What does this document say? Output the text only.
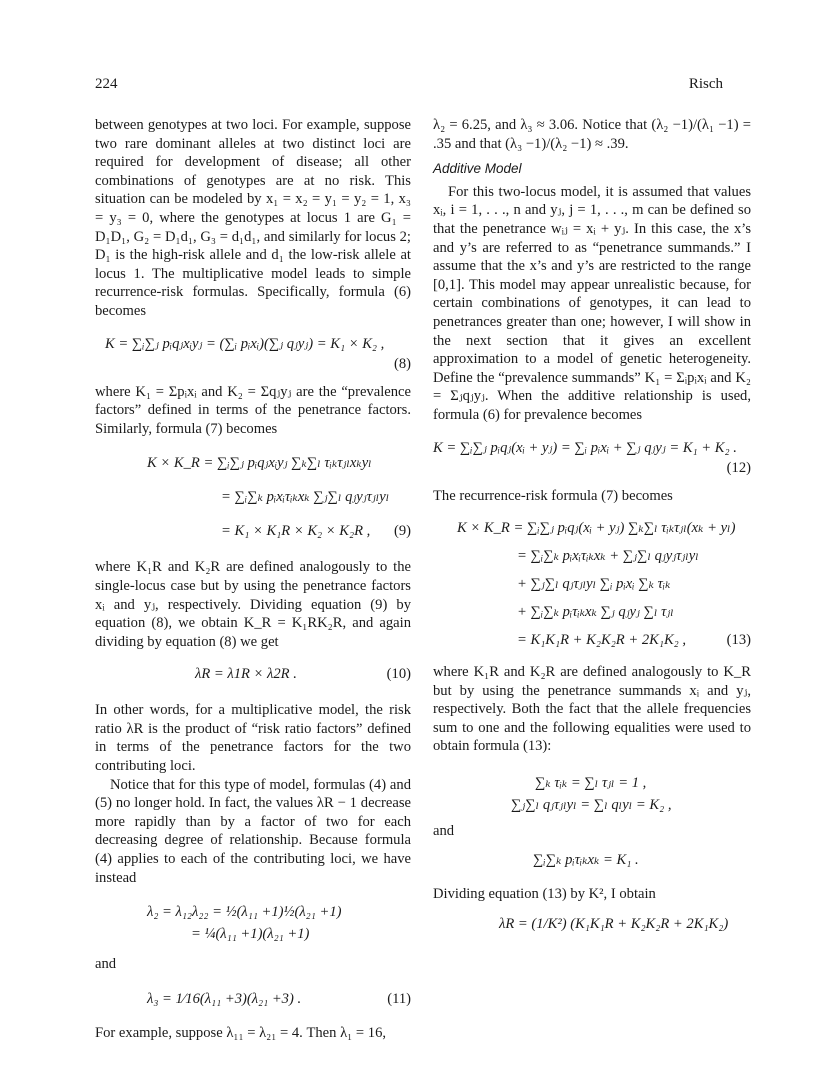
224	Risch

between genotypes at two loci. For example, suppose two rare dominant alleles at two distinct loci are required for development of disease; all other combinations of genotypes are at no risk. This situation can be modeled by x₁ = x₂ = y₁ = y₂ = 1, x₃ = y₃ = 0, where the genotypes at locus 1 are G₁ = D₁D₁, G₂ = D₁d₁, G₃ = d₁d₁, and similarly for locus 2; D₁ is the high-risk allele and d₁ the low-risk allele at locus 1. The multiplicative model leads to simple recurrence-risk formulas. Specifically, formula (6) becomes

K = ∑ᵢ∑ⱼ pᵢqⱼxᵢyⱼ = (∑ᵢ pᵢxᵢ)(∑ⱼ qⱼyⱼ) = K₁ × K₂ ,
(8)

where K₁ = Σpᵢxᵢ and K₂ = Σqⱼyⱼ are the “prevalence factors” defined in terms of the penetrance factors. Similarly, formula (7) becomes

K × K_R = ∑ᵢ∑ⱼ pᵢqⱼxᵢyⱼ ∑ₖ∑ₗ τᵢₖτⱼₗxₖyₗ
= ∑ᵢ∑ₖ pᵢxᵢτᵢₖxₖ ∑ⱼ∑ₗ qⱼyⱼτⱼₗyₗ
= K₁ × K₁R × K₂ × K₂R , (9)

where K₁R and K₂R are defined analogously to the single-locus case but by using the penetrance factors xᵢ and yⱼ, respectively. Dividing equation (9) by equation (8), we obtain K_R = K₁RK₂R, and again dividing by equation (8) we get

λR = λ1R × λ2R .	(10)

In other words, for a multiplicative model, the risk ratio λR is the product of “risk ratio factors” defined in terms of the penetrance factors for the two contributing loci.

Notice that for this type of model, formulas (4) and (5) no longer hold. In fact, the values λR − 1 decrease more rapidly than by a factor of two for each decreasing degree of relationship. Because formula (4) applies to each of the contributing loci, we have instead

λ₂ = λ₁₂λ₂₂ = ½(λ₁₁ +1)½(λ₂₁ +1)
= ¼(λ₁₁ +1)(λ₂₁ +1)

and

λ₃ = 1⁄16(λ₁₁ +3)(λ₂₁ +3) .	(11)

For example, suppose λ₁₁ = λ₂₁ = 4. Then λ₁ = 16,

λ₂ = 6.25, and λ₃ ≈ 3.06. Notice that (λ₂ −1)/(λ₁ −1) = .35 and that (λ₃ −1)/(λ₂ −1) ≈ .39.

Additive Model

For this two-locus model, it is assumed that values xᵢ, i = 1, . . ., n and yⱼ, j = 1, . . ., m can be defined so that the penetrance wᵢⱼ = xᵢ + yⱼ. In this case, the x’s and y’s are referred to as “penetrance summands.” I assume that the x’s and y’s are restricted to the range [0,1]. This model may appear unrealistic because, for certain combinations of genotypes, it can lead to penetrances greater than one; however, I will show in the next section that it gives an excellent approximation to a model of genetic heterogeneity. Define the “prevalence summands” K₁ = Σᵢpᵢxᵢ and K₂ = Σⱼqⱼyⱼ. When the additive relationship is used, formula (6) for prevalence becomes

K = ∑ᵢ∑ⱼ pᵢqⱼ(xᵢ + yⱼ) = ∑ᵢ pᵢxᵢ + ∑ⱼ qⱼyⱼ = K₁ + K₂ .
(12)

The recurrence-risk formula (7) becomes

K × K_R = ∑ᵢ∑ⱼ pᵢqⱼ(xᵢ + yⱼ) ∑ₖ∑ₗ τᵢₖτⱼₗ(xₖ + yₗ)
= ∑ᵢ∑ₖ pᵢxᵢτᵢₖxₖ + ∑ⱼ∑ₗ qⱼyⱼτⱼₗyₗ
+ ∑ⱼ∑ₗ qⱼτⱼₗyₗ ∑ᵢ pᵢxᵢ ∑ₖ τᵢₖ
+ ∑ᵢ∑ₖ pᵢτᵢₖxₖ ∑ⱼ qⱼyⱼ ∑ₗ τⱼₗ
= K₁K₁R + K₂K₂R + 2K₁K₂ ,	(13)

where K₁R and K₂R are defined analogously to K_R but by using the penetrance summands xᵢ and yⱼ, respectively. Both the fact that the allele frequencies sum to one and the following equalities were used to obtain formula (13):

∑ₖ τᵢₖ = ∑ₗ τⱼₗ = 1 ,
∑ⱼ∑ₗ qⱼτⱼₗyₗ = ∑ₗ qₗyₗ = K₂ ,

and

∑ᵢ∑ₖ pᵢτᵢₖxₖ = K₁ .

Dividing equation (13) by K², I obtain

λR = (1/K²) (K₁K₁R + K₂K₂R + 2K₁K₂)
